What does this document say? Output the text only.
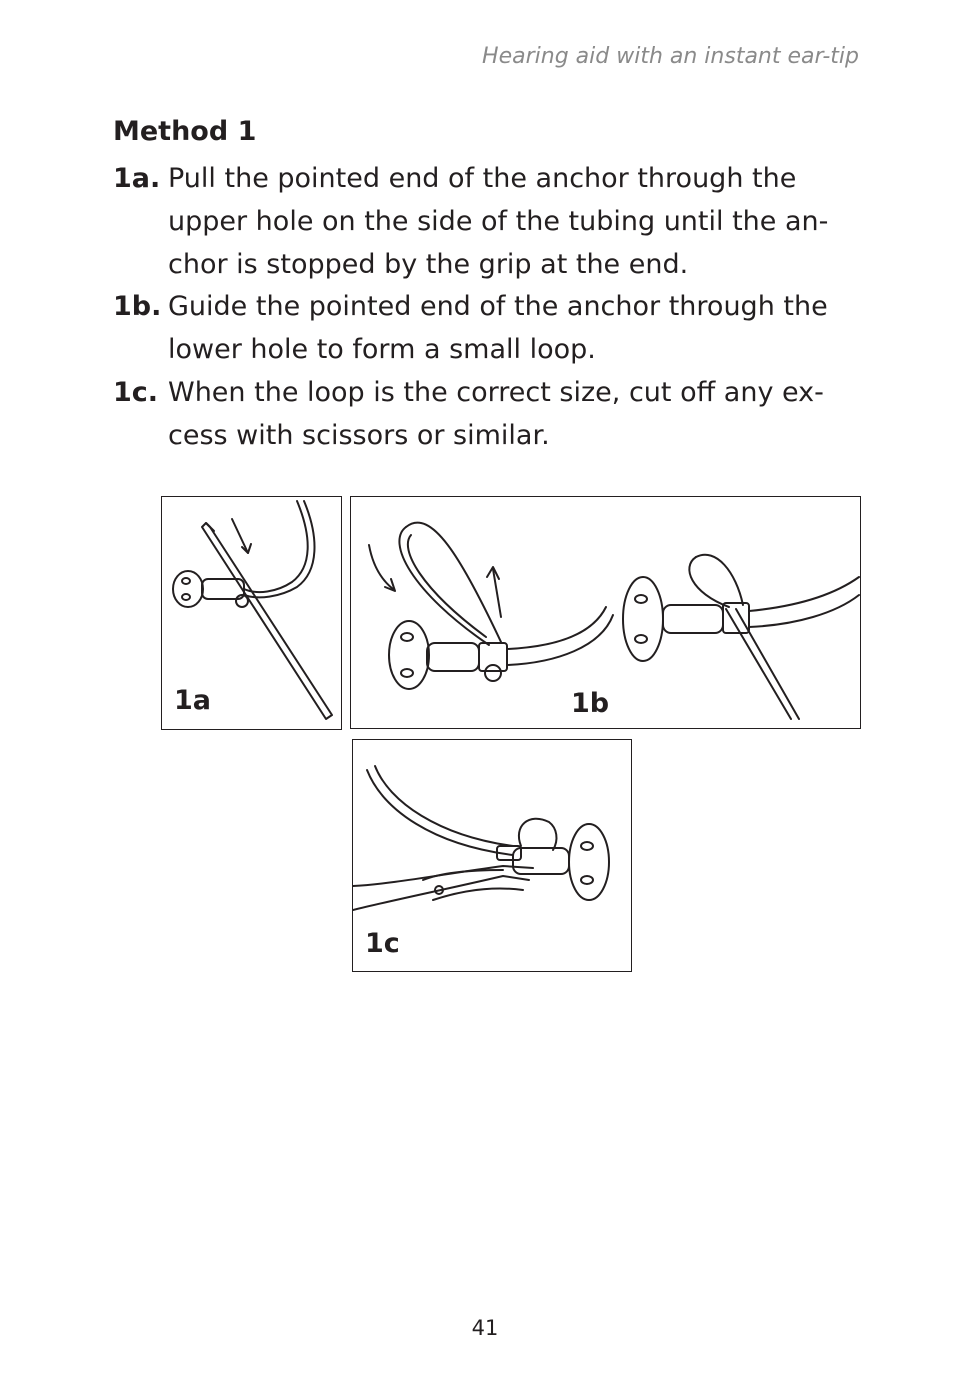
Hearing aid with an instant ear-tip
Method 1
1a. Pull the pointed end of the anchor through the
upper hole on the side of the tubing until the an-
chor is stopped by the grip at the end.
1b. Guide the pointed end of the anchor through the
lower hole to form a small loop.
1c. When the loop is the correct size, cut off any ex-
cess with scissors or similar.
1a	1b
1c
41
